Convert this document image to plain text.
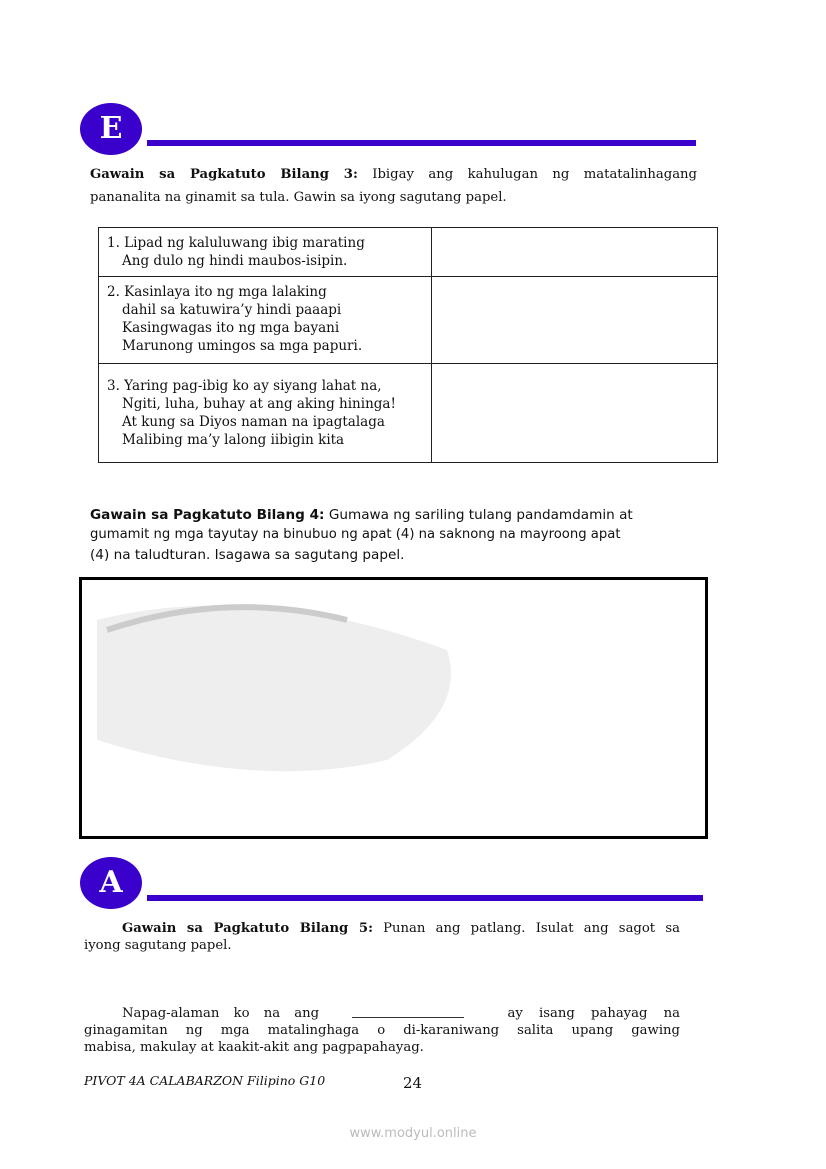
E
Gawain sa Pagkatuto Bilang 3: Ibigay ang kahulugan ng matatalinhagang
pananalita na ginamit sa tula. Gawin sa iyong sagutang papel.
1. Lipad ng kaluluwang ibig marating
Ang dulo ng hindi maubos-isipin.	

2. Kasinlaya ito ng mga lalaking
dahil sa katuwira’y hindi paaapi
Kasingwagas ito ng mga bayani
Marunong umingos sa mga papuri.	

3. Yaring pag-ibig ko ay siyang lahat na,
Ngiti, luha, buhay at ang aking hininga!
At kung sa Diyos naman na ipagtalaga
Malibing ma’y lalong iibigin kita	

Gawain sa Pagkatuto Bilang 4: Gumawa ng sariling tulang pandamdamin at
gumamit ng mga tayutay na binubuo ng apat (4) na saknong na mayroong apat
(4) na taludturan. Isagawa sa sagutang papel.
A
Gawain sa Pagkatuto Bilang 5: Punan ang patlang. Isulat ang sagot sa
iyong sagutang papel.
Napag-alaman ko na ang	ay isang pahayag na
ginagamitan ng mga matalinghaga o di-karaniwang salita upang gawing
mabisa, makulay at kaakit-akit ang pagpapahayag.
PIVOT 4A CALABARZON Filipino G10	24
www.modyul.online
